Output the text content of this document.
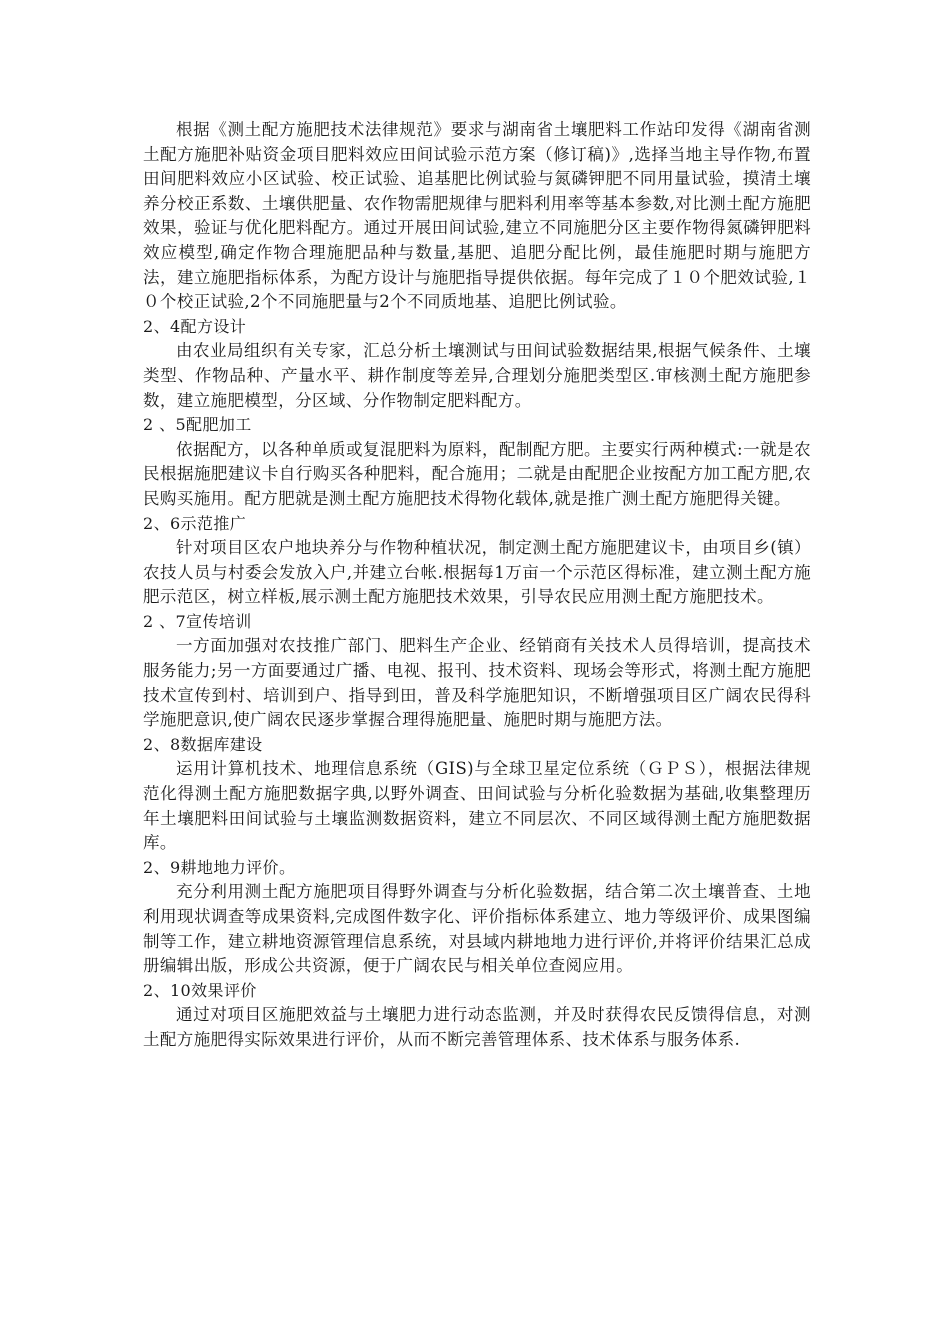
根据《测土配方施肥技术法律规范》要求与湖南省土壤肥料工作站印发得《湖南省测土配方施肥补贴资金项目肥料效应田间试验示范方案（修订稿)》,选择当地主导作物,布置田间肥料效应小区试验、校正试验、追基肥比例试验与氮磷钾肥不同用量试验，摸清土壤养分校正系数、土壤供肥量、农作物需肥规律与肥料利用率等基本参数,对比测土配方施肥效果，验证与优化肥料配方。通过开展田间试验,建立不同施肥分区主要作物得氮磷钾肥料效应模型,确定作物合理施肥品种与数量,基肥、追肥分配比例，最佳施肥时期与施肥方法，建立施肥指标体系，为配方设计与施肥指导提供依据。每年完成了１０个肥效试验,１０个校正试验,2个不同施肥量与2个不同质地基、追肥比例试验。

2、4配方设计

由农业局组织有关专家，汇总分析土壤测试与田间试验数据结果,根据气候条件、土壤类型、作物品种、产量水平、耕作制度等差异,合理划分施肥类型区.审核测土配方施肥参数，建立施肥模型，分区域、分作物制定肥料配方。

2 、5配肥加工

依据配方，以各种单质或复混肥料为原料，配制配方肥。主要实行两种模式:一就是农民根据施肥建议卡自行购买各种肥料，配合施用；二就是由配肥企业按配方加工配方肥,农民购买施用。配方肥就是测土配方施肥技术得物化载体,就是推广测土配方施肥得关键。

2、6示范推广

针对项目区农户地块养分与作物种植状况，制定测土配方施肥建议卡，由项目乡(镇）农技人员与村委会发放入户,并建立台帐.根据每1万亩一个示范区得标准，建立测土配方施肥示范区，树立样板,展示测土配方施肥技术效果，引导农民应用测土配方施肥技术。

2 、7宣传培训

一方面加强对农技推广部门、肥料生产企业、经销商有关技术人员得培训，提高技术服务能力;另一方面要通过广播、电视、报刊、技术资料、现场会等形式，将测土配方施肥技术宣传到村、培训到户、指导到田，普及科学施肥知识，不断增强项目区广阔农民得科学施肥意识,使广阔农民逐步掌握合理得施肥量、施肥时期与施肥方法。

2、8数据库建设

运用计算机技术、地理信息系统（GIS)与全球卫星定位系统（ＧＰＳ），根据法律规范化得测土配方施肥数据字典,以野外调查、田间试验与分析化验数据为基础,收集整理历年土壤肥料田间试验与土壤监测数据资料，建立不同层次、不同区域得测土配方施肥数据库。

2、9耕地地力评价。

充分利用测土配方施肥项目得野外调查与分析化验数据，结合第二次土壤普查、土地利用现状调查等成果资料,完成图件数字化、评价指标体系建立、地力等级评价、成果图编制等工作，建立耕地资源管理信息系统，对县域内耕地地力进行评价,并将评价结果汇总成册编辑出版，形成公共资源，便于广阔农民与相关单位查阅应用。

2、10效果评价

通过对项目区施肥效益与土壤肥力进行动态监测，并及时获得农民反馈得信息，对测土配方施肥得实际效果进行评价，从而不断完善管理体系、技术体系与服务体系.
